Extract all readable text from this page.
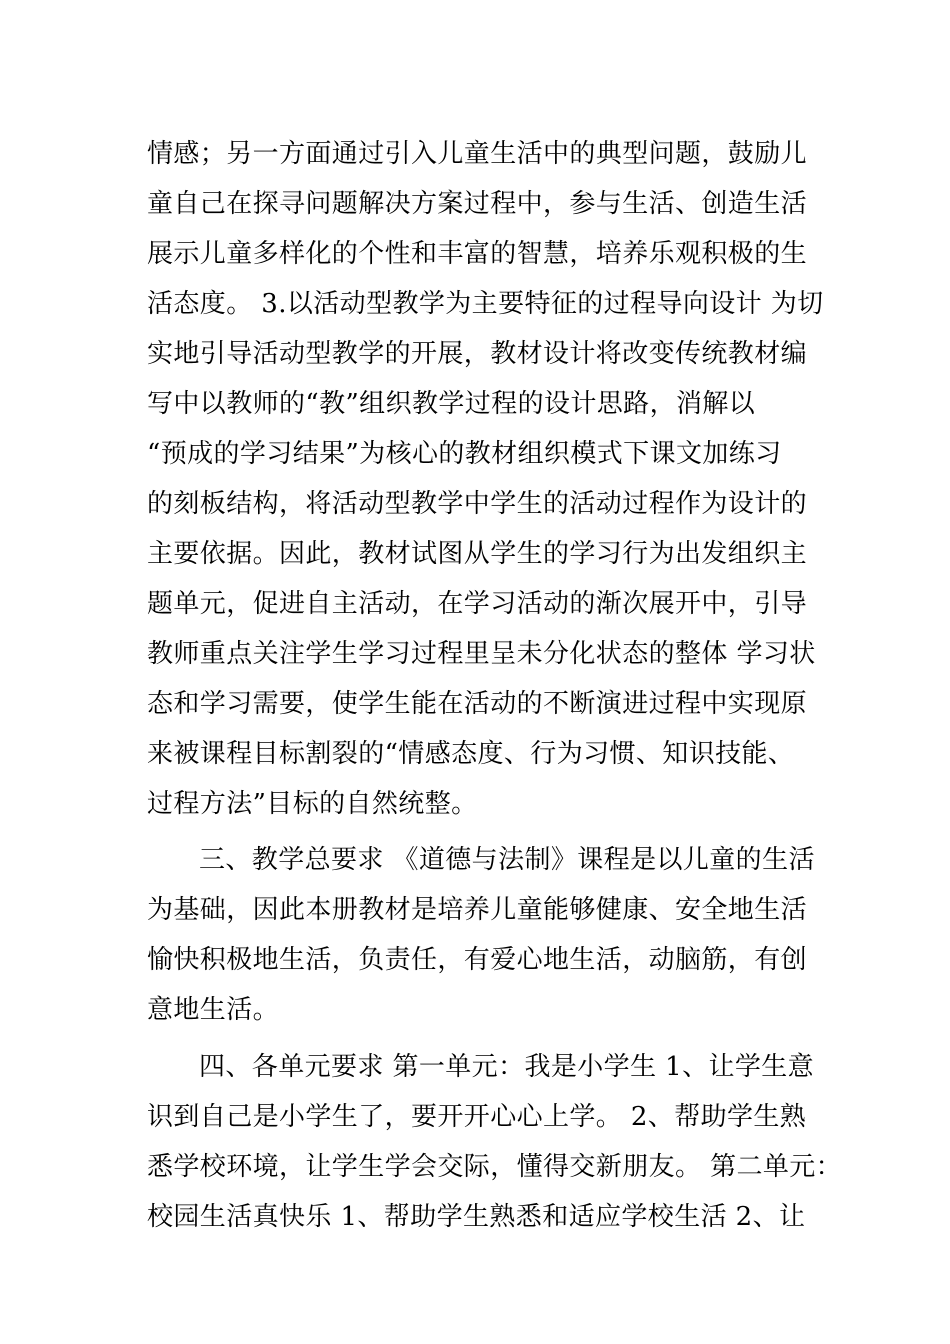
情感；另一方面通过引入儿童生活中的典型问题，鼓励儿
童自己在探寻问题解决方案过程中，参与生活、创造生活
展示儿童多样化的个性和丰富的智慧，培养乐观积极的生
活态度。 3.以活动型教学为主要特征的过程导向设计 为切
实地引导活动型教学的开展，教材设计将改变传统教材编
写中以教师的“教”组织教学过程的设计思路，消解以
“预成的学习结果”为核心的教材组织模式下课文加练习
的刻板结构，将活动型教学中学生的活动过程作为设计的
主要依据。因此，教材试图从学生的学习行为出发组织主
题单元，促进自主活动，在学习活动的渐次展开中，引导
教师重点关注学生学习过程里呈未分化状态的整体 学习状
态和学习需要，使学生能在活动的不断演进过程中实现原
来被课程目标割裂的“情感态度、行为习惯、知识技能、
过程方法”目标的自然统整。
三、教学总要求 《道德与法制》课程是以儿童的生活
为基础，因此本册教材是培养儿童能够健康、安全地生活
愉快积极地生活，负责任，有爱心地生活，动脑筋，有创
意地生活。
四、各单元要求 第一单元：我是小学生 1、让学生意
识到自己是小学生了，要开开心心上学。 2、帮助学生熟
悉学校环境，让学生学会交际，懂得交新朋友。 第二单元：
校园生活真快乐 1、帮助学生熟悉和适应学校生活 2、让
